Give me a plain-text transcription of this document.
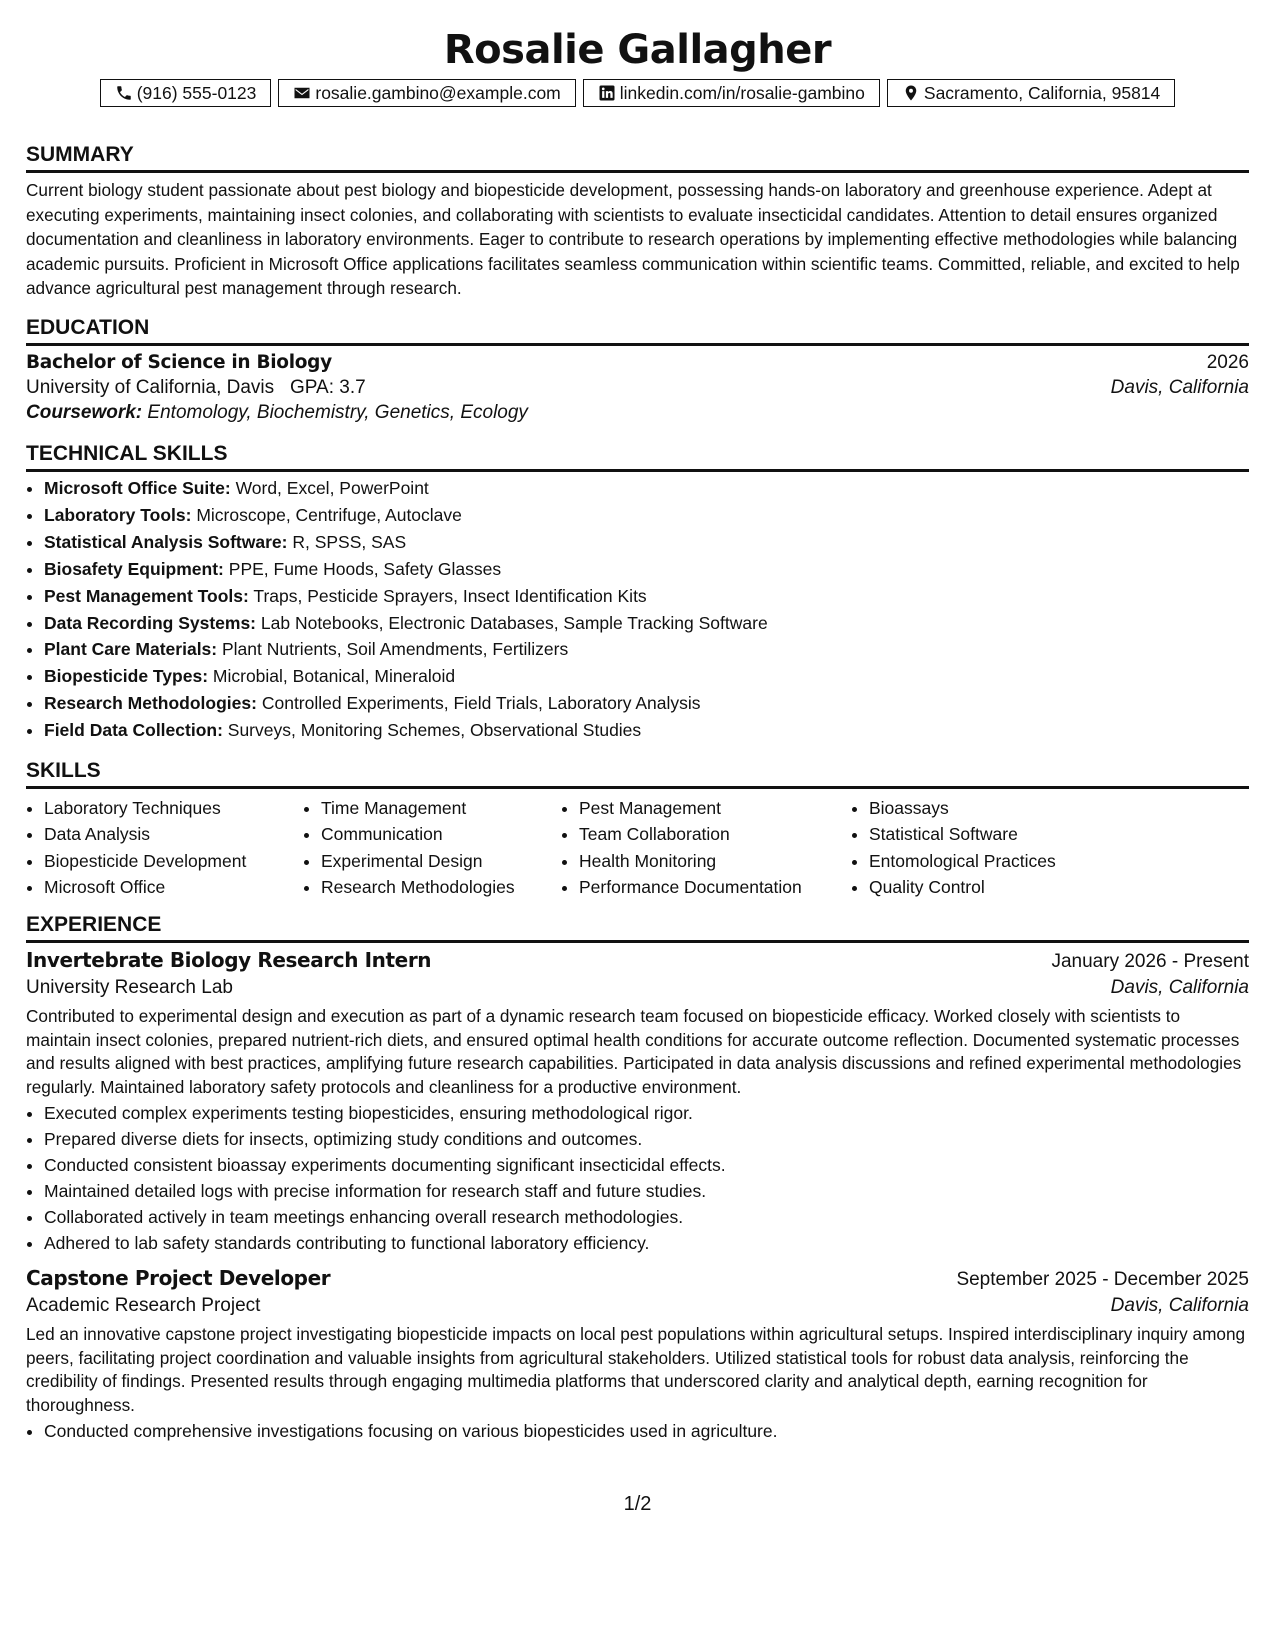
Rosalie Gallagher
(916) 555-0123	rosalie.gambino@example.com	linkedin.com/in/rosalie-gambino	Sacramento, California, 95814
SUMMARY
Current biology student passionate about pest biology and biopesticide development, possessing hands-on laboratory and greenhouse experience. Adept at executing experiments, maintaining insect colonies, and collaborating with scientists to evaluate insecticidal candidates. Attention to detail ensures organized documentation and cleanliness in laboratory environments. Eager to contribute to research operations by implementing effective methodologies while balancing academic pursuits. Proficient in Microsoft Office applications facilitates seamless communication within scientific teams. Committed, reliable, and excited to help advance agricultural pest management through research.
EDUCATION
Bachelor of Science in Biology	2026
University of California, Davis GPA: 3.7	Davis, California
Coursework: Entomology, Biochemistry, Genetics, Ecology
TECHNICAL SKILLS
• Microsoft Office Suite: Word, Excel, PowerPoint
• Laboratory Tools: Microscope, Centrifuge, Autoclave
• Statistical Analysis Software: R, SPSS, SAS
• Biosafety Equipment: PPE, Fume Hoods, Safety Glasses
• Pest Management Tools: Traps, Pesticide Sprayers, Insect Identification Kits
• Data Recording Systems: Lab Notebooks, Electronic Databases, Sample Tracking Software
• Plant Care Materials: Plant Nutrients, Soil Amendments, Fertilizers
• Biopesticide Types: Microbial, Botanical, Mineraloid
• Research Methodologies: Controlled Experiments, Field Trials, Laboratory Analysis
• Field Data Collection: Surveys, Monitoring Schemes, Observational Studies
SKILLS
• Laboratory Techniques
• Data Analysis
• Biopesticide Development
• Microsoft Office
• Time Management
• Communication
• Experimental Design
• Research Methodologies
• Pest Management
• Team Collaboration
• Health Monitoring
• Performance Documentation
• Bioassays
• Statistical Software
• Entomological Practices
• Quality Control
EXPERIENCE
Invertebrate Biology Research Intern	January 2026 - Present
University Research Lab	Davis, California
Contributed to experimental design and execution as part of a dynamic research team focused on biopesticide efficacy. Worked closely with scientists to maintain insect colonies, prepared nutrient-rich diets, and ensured optimal health conditions for accurate outcome reflection. Documented systematic processes and results aligned with best practices, amplifying future research capabilities. Participated in data analysis discussions and refined experimental methodologies regularly. Maintained laboratory safety protocols and cleanliness for a productive environment.
• Executed complex experiments testing biopesticides, ensuring methodological rigor.
• Prepared diverse diets for insects, optimizing study conditions and outcomes.
• Conducted consistent bioassay experiments documenting significant insecticidal effects.
• Maintained detailed logs with precise information for research staff and future studies.
• Collaborated actively in team meetings enhancing overall research methodologies.
• Adhered to lab safety standards contributing to functional laboratory efficiency.
Capstone Project Developer	September 2025 - December 2025
Academic Research Project	Davis, California
Led an innovative capstone project investigating biopesticide impacts on local pest populations within agricultural setups. Inspired interdisciplinary inquiry among peers, facilitating project coordination and valuable insights from agricultural stakeholders. Utilized statistical tools for robust data analysis, reinforcing the credibility of findings. Presented results through engaging multimedia platforms that underscored clarity and analytical depth, earning recognition for thoroughness.
• Conducted comprehensive investigations focusing on various biopesticides used in agriculture.
1/2
